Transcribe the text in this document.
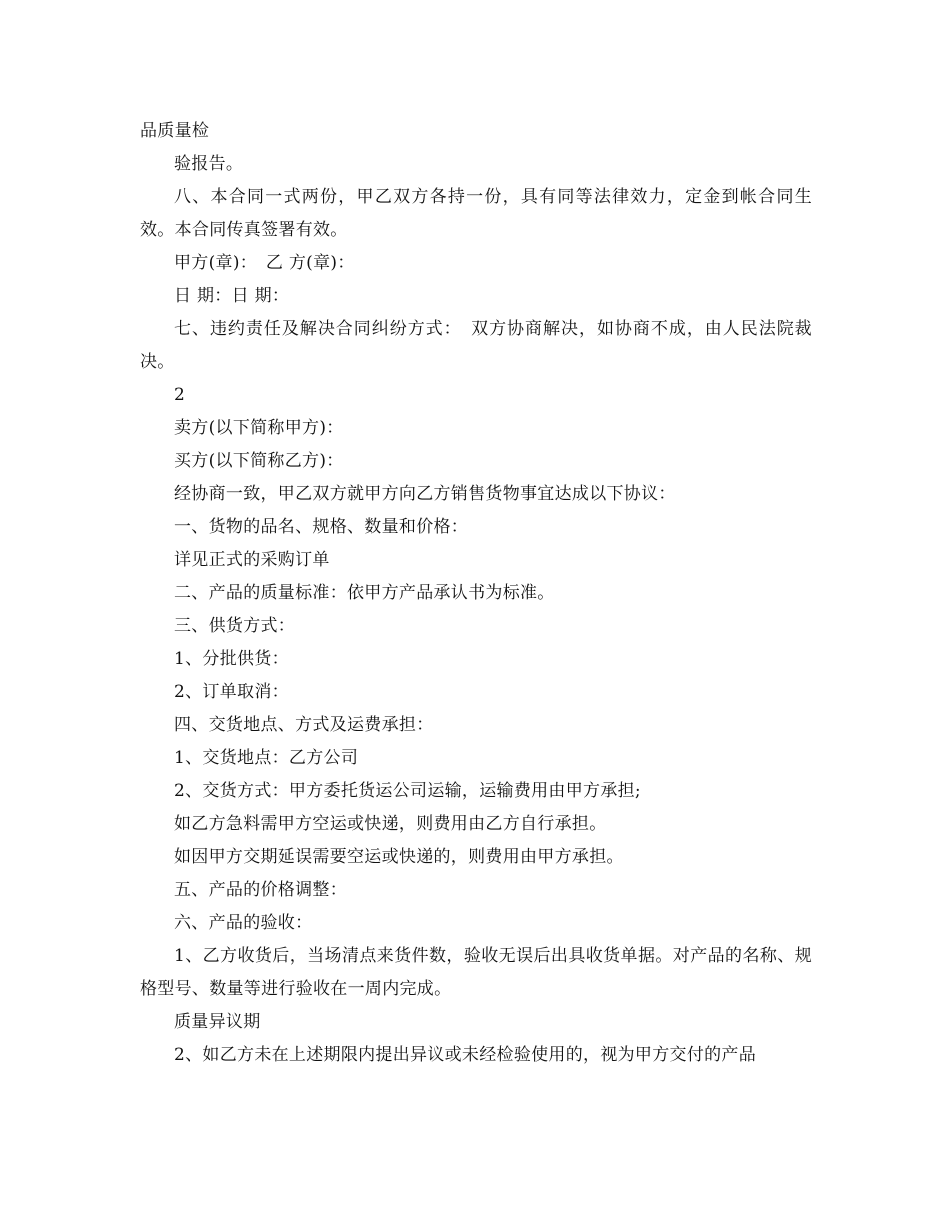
品质量检

验报告。

八、本合同一式两份，甲乙双方各持一份，具有同等法律效力，定金到帐合同生效。本合同传真签署有效。

甲方(章)：　乙 方(章)：

日 期：日 期：

七、违约责任及解决合同纠纷方式：　双方协商解决，如协商不成，由人民法院裁决。

2

卖方(以下简称甲方)：

买方(以下简称乙方)：

经协商一致，甲乙双方就甲方向乙方销售货物事宜达成以下协议：

一、货物的品名、规格、数量和价格：

详见正式的采购订单

二、产品的质量标准：依甲方产品承认书为标准。

三、供货方式：

1、分批供货：

2、订单取消：

四、交货地点、方式及运费承担：

1、交货地点：乙方公司

2、交货方式：甲方委托货运公司运输，运输费用由甲方承担;

如乙方急料需甲方空运或快递，则费用由乙方自行承担。

如因甲方交期延误需要空运或快递的，则费用由甲方承担。

五、产品的价格调整：

六、产品的验收：

1、乙方收货后，当场清点来货件数，验收无误后出具收货单据。对产品的名称、规格型号、数量等进行验收在一周内完成。

质量异议期

2、如乙方未在上述期限内提出异议或未经检验使用的，视为甲方交付的产品
